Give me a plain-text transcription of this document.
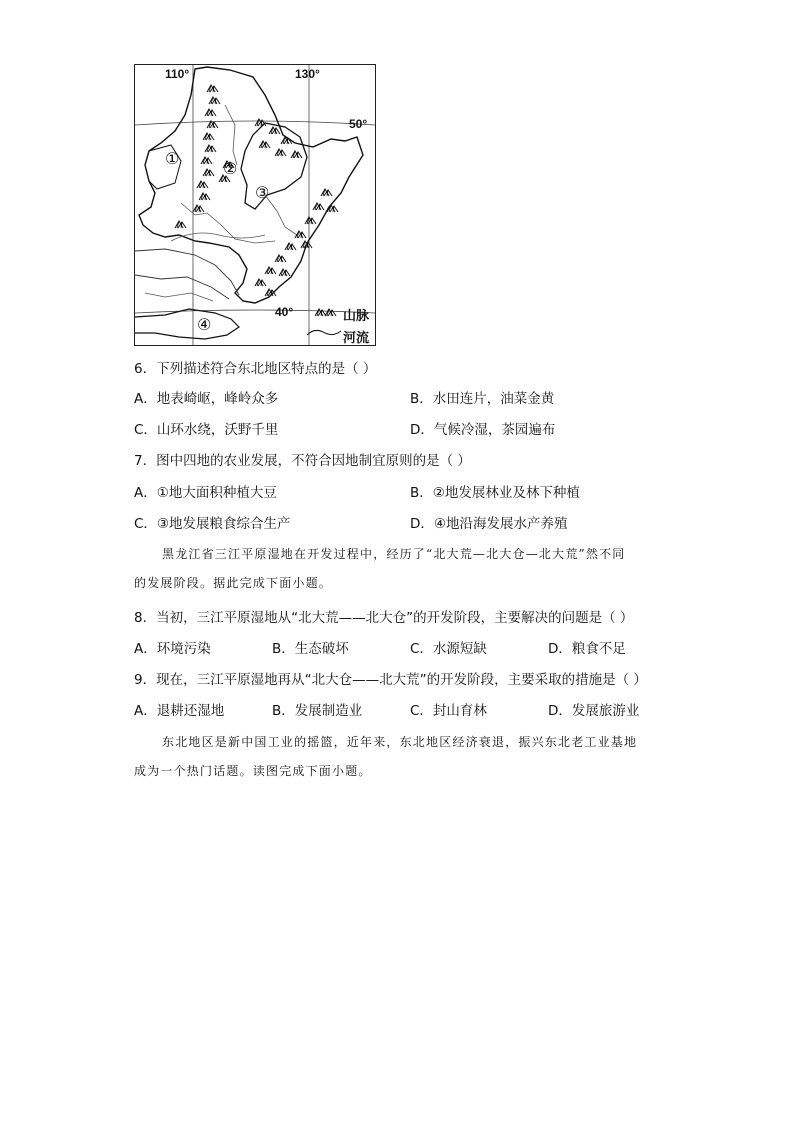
110°	130°
50°
40°
①
②
③
④	山脉
河流
6．下列描述符合东北地区特点的是（ ）
A．地表崎岖，峰岭众多	B．水田连片，油菜金黄
C．山环水绕，沃野千里	D．气候冷湿，茶园遍布
7．图中四地的农业发展，不符合因地制宜原则的是（ ）
A．①地大面积种植大豆	B．②地发展林业及林下种植
C．③地发展粮食综合生产	D．④地沿海发展水产养殖
黑龙江省三江平原湿地在开发过程中，经历了“北大荒—北大仓—北大荒”然不同
的发展阶段。据此完成下面小题。
8．当初，三江平原湿地从“北大荒——北大仓”的开发阶段，主要解决的问题是（ ）
A．环境污染	B．生态破坏	C．水源短缺	D．粮食不足
9．现在，三江平原湿地再从“北大仓——北大荒”的开发阶段，主要采取的措施是（ ）
A．退耕还湿地	B．发展制造业	C．封山育林	D．发展旅游业
东北地区是新中国工业的摇篮，近年来，东北地区经济衰退，振兴东北老工业基地
成为一个热门话题。读图完成下面小题。
